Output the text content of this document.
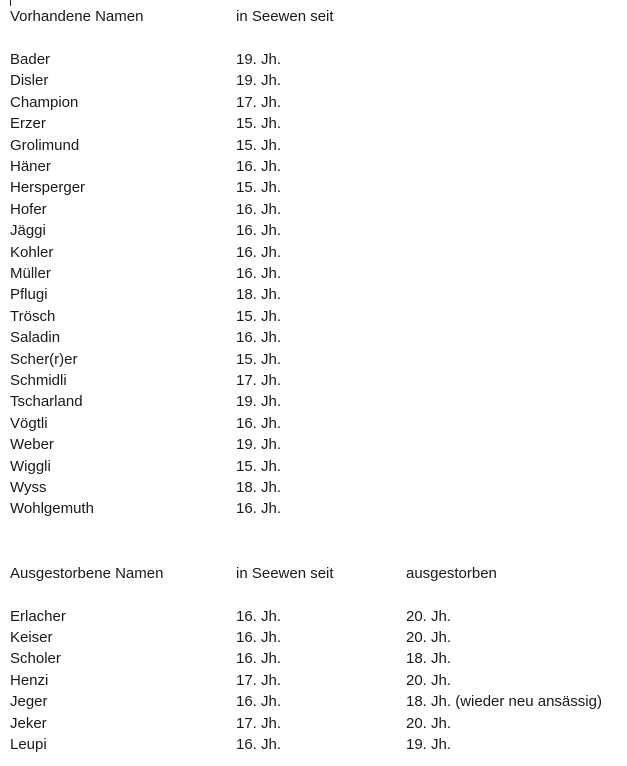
Vorhandene Namen	in Seewen seit
Bader	19. Jh.
Disler	19. Jh.
Champion	17. Jh.
Erzer	15. Jh.
Grolimund	15. Jh.
Häner	16. Jh.
Hersperger	15. Jh.
Hofer	16. Jh.
Jäggi	16. Jh.
Kohler	16. Jh.
Müller	16. Jh.
Pflugi	18. Jh.
Trösch	15. Jh.
Saladin	16. Jh.
Scher(r)er	15. Jh.
Schmidli	17. Jh.
Tscharland	19. Jh.
Vögtli	16. Jh.
Weber	19. Jh.
Wiggli	15. Jh.
Wyss	18. Jh.
Wohlgemuth	16. Jh.
Ausgestorbene Namen	in Seewen seit	ausgestorben
Erlacher	16. Jh.	20. Jh.
Keiser	16. Jh.	20. Jh.
Scholer	16. Jh.	18. Jh.
Henzi	17. Jh.	20. Jh.
Jeger	16. Jh.	18. Jh. (wieder neu ansässig)
Jeker	17. Jh.	20. Jh.
Leupi	16. Jh.	19. Jh.
